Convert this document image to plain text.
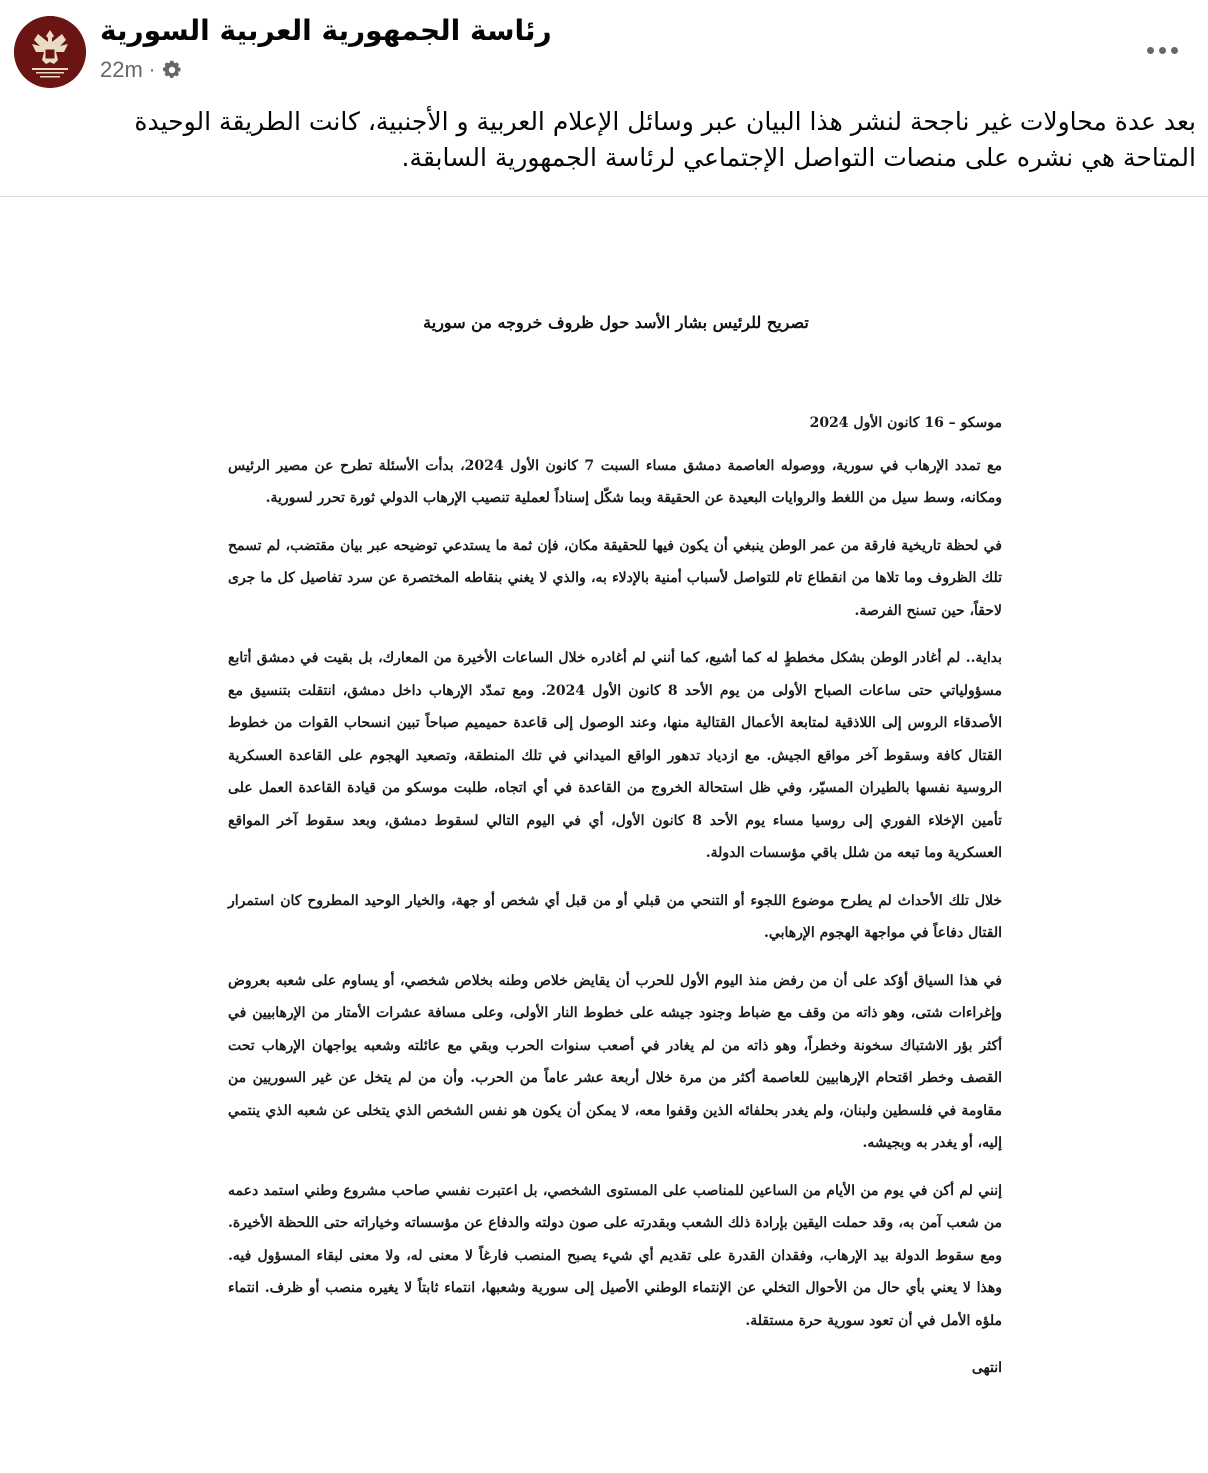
رئاسة الجمهورية العربية السورية
22m ·
بعد عدة محاولات غير ناجحة لنشر هذا البيان عبر وسائل الإعلام العربية و الأجنبية، كانت الطريقة الوحيدة المتاحة هي نشره على منصات التواصل الإجتماعي لرئاسة الجمهورية السابقة.
تصريح للرئيس بشار الأسد حول ظروف خروجه من سورية

موسكو – 16 كانون الأول 2024

مع تمدد الإرهاب في سورية، ووصوله العاصمة دمشق مساء السبت 7 كانون الأول 2024، بدأت الأسئلة تطرح عن مصير الرئيس ومكانه، وسط سيل من اللغط والروايات البعيدة عن الحقيقة وبما شكّل إسناداً لعملية تنصيب الإرهاب الدولي ثورة تحرر لسورية.

في لحظة تاريخية فارقة من عمر الوطن ينبغي أن يكون فيها للحقيقة مكان، فإن ثمة ما يستدعي توضيحه عبر بيان مقتضب، لم تسمح تلك الظروف وما تلاها من انقطاع تام للتواصل لأسباب أمنية بالإدلاء به، والذي لا يغني بنقاطه المختصرة عن سرد تفاصيل كل ما جرى لاحقاً، حين تسنح الفرصة.

بداية.. لم أغادر الوطن بشكل مخططٍ له كما أشيع، كما أنني لم أغادره خلال الساعات الأخيرة من المعارك، بل بقيت في دمشق أتابع مسؤولياتي حتى ساعات الصباح الأولى من يوم الأحد 8 كانون الأول 2024. ومع تمدّد الإرهاب داخل دمشق، انتقلت بتنسيق مع الأصدقاء الروس إلى اللاذقية لمتابعة الأعمال القتالية منها، وعند الوصول إلى قاعدة حميميم صباحاً تبين انسحاب القوات من خطوط القتال كافة وسقوط آخر مواقع الجيش. مع ازدياد تدهور الواقع الميداني في تلك المنطقة، وتصعيد الهجوم على القاعدة العسكرية الروسية نفسها بالطيران المسيّر، وفي ظل استحالة الخروج من القاعدة في أي اتجاه، طلبت موسكو من قيادة القاعدة العمل على تأمين الإخلاء الفوري إلى روسيا مساء يوم الأحد 8 كانون الأول، أي في اليوم التالي لسقوط دمشق، وبعد سقوط آخر المواقع العسكرية وما تبعه من شلل باقي مؤسسات الدولة.

خلال تلك الأحداث لم يطرح موضوع اللجوء أو التنحي من قبلي أو من قبل أي شخص أو جهة، والخيار الوحيد المطروح كان استمرار القتال دفاعاً في مواجهة الهجوم الإرهابي.

في هذا السياق أؤكد على أن من رفض منذ اليوم الأول للحرب أن يقايض خلاص وطنه بخلاص شخصي، أو يساوم على شعبه بعروض وإغراءات شتى، وهو ذاته من وقف مع ضباط وجنود جيشه على خطوط النار الأولى، وعلى مسافة عشرات الأمتار من الإرهابيين في أكثر بؤر الاشتباك سخونة وخطراً، وهو ذاته من لم يغادر في أصعب سنوات الحرب وبقي مع عائلته وشعبه يواجهان الإرهاب تحت القصف وخطر اقتحام الإرهابيين للعاصمة أكثر من مرة خلال أربعة عشر عاماً من الحرب. وأن من لم يتخل عن غير السوريين من مقاومة في فلسطين ولبنان، ولم يغدر بحلفائه الذين وقفوا معه، لا يمكن أن يكون هو نفس الشخص الذي يتخلى عن شعبه الذي ينتمي إليه، أو يغدر به وبجيشه.

إنني لم أكن في يوم من الأيام من الساعين للمناصب على المستوى الشخصي، بل اعتبرت نفسي صاحب مشروع وطني استمد دعمه من شعب آمن به، وقد حملت اليقين بإرادة ذلك الشعب وبقدرته على صون دولته والدفاع عن مؤسساته وخياراته حتى اللحظة الأخيرة. ومع سقوط الدولة بيد الإرهاب، وفقدان القدرة على تقديم أي شيء يصبح المنصب فارغاً لا معنى له، ولا معنى لبقاء المسؤول فيه. وهذا لا يعني بأي حال من الأحوال التخلي عن الإنتماء الوطني الأصيل إلى سورية وشعبها، انتماء ثابتاً لا يغيره منصب أو ظرف. انتماء ملؤه الأمل في أن تعود سورية حرة مستقلة.

انتهى
